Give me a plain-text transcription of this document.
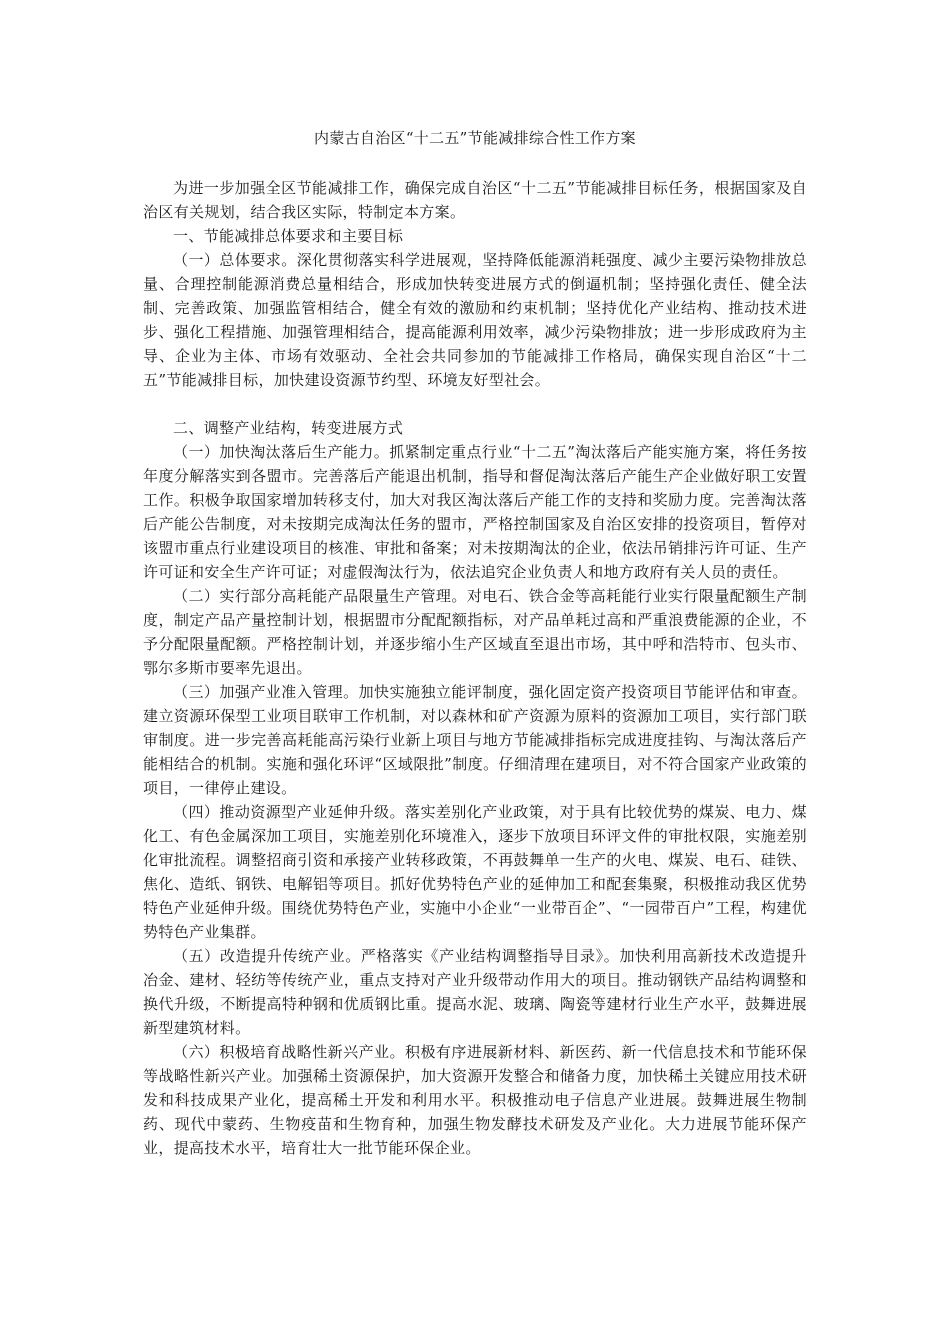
内蒙古自治区“十二五”节能减排综合性工作方案

为进一步加强全区节能减排工作，确保完成自治区“十二五”节能减排目标任务，根据国家及自治区有关规划，结合我区实际，特制定本方案。

一、节能减排总体要求和主要目标

（一）总体要求。深化贯彻落实科学进展观，坚持降低能源消耗强度、减少主要污染物排放总量、合理控制能源消费总量相结合，形成加快转变进展方式的倒逼机制；坚持强化责任、健全法制、完善政策、加强监管相结合，健全有效的激励和约束机制；坚持优化产业结构、推动技术进步、强化工程措施、加强管理相结合，提高能源利用效率，减少污染物排放；进一步形成政府为主导、企业为主体、市场有效驱动、全社会共同参加的节能减排工作格局，确保实现自治区“十二五”节能减排目标，加快建设资源节约型、环境友好型社会。

二、调整产业结构，转变进展方式

（一）加快淘汰落后生产能力。抓紧制定重点行业“十二五”淘汰落后产能实施方案，将任务按年度分解落实到各盟市。完善落后产能退出机制，指导和督促淘汰落后产能生产企业做好职工安置工作。积极争取国家增加转移支付，加大对我区淘汰落后产能工作的支持和奖励力度。完善淘汰落后产能公告制度，对未按期完成淘汰任务的盟市，严格控制国家及自治区安排的投资项目，暂停对该盟市重点行业建设项目的核准、审批和备案；对未按期淘汰的企业，依法吊销排污许可证、生产许可证和安全生产许可证；对虚假淘汰行为，依法追究企业负责人和地方政府有关人员的责任。

（二）实行部分高耗能产品限量生产管理。对电石、铁合金等高耗能行业实行限量配额生产制度，制定产品产量控制计划，根据盟市分配配额指标，对产品单耗过高和严重浪费能源的企业，不予分配限量配额。严格控制计划，并逐步缩小生产区域直至退出市场，其中呼和浩特市、包头市、鄂尔多斯市要率先退出。

（三）加强产业准入管理。加快实施独立能评制度，强化固定资产投资项目节能评估和审查。建立资源环保型工业项目联审工作机制，对以森林和矿产资源为原料的资源加工项目，实行部门联审制度。进一步完善高耗能高污染行业新上项目与地方节能减排指标完成进度挂钩、与淘汰落后产能相结合的机制。实施和强化环评“区域限批”制度。仔细清理在建项目，对不符合国家产业政策的项目，一律停止建设。

（四）推动资源型产业延伸升级。落实差别化产业政策，对于具有比较优势的煤炭、电力、煤化工、有色金属深加工项目，实施差别化环境准入，逐步下放项目环评文件的审批权限，实施差别化审批流程。调整招商引资和承接产业转移政策，不再鼓舞单一生产的火电、煤炭、电石、硅铁、焦化、造纸、钢铁、电解铝等项目。抓好优势特色产业的延伸加工和配套集聚，积极推动我区优势特色产业延伸升级。围绕优势特色产业，实施中小企业“一业带百企”、“一园带百户”工程，构建优势特色产业集群。

（五）改造提升传统产业。严格落实《产业结构调整指导目录》。加快利用高新技术改造提升冶金、建材、轻纺等传统产业，重点支持对产业升级带动作用大的项目。推动钢铁产品结构调整和换代升级，不断提高特种钢和优质钢比重。提高水泥、玻璃、陶瓷等建材行业生产水平，鼓舞进展新型建筑材料。

（六）积极培育战略性新兴产业。积极有序进展新材料、新医药、新一代信息技术和节能环保等战略性新兴产业。加强稀土资源保护，加大资源开发整合和储备力度，加快稀土关键应用技术研发和科技成果产业化，提高稀土开发和利用水平。积极推动电子信息产业进展。鼓舞进展生物制药、现代中蒙药、生物疫苗和生物育种，加强生物发酵技术研发及产业化。大力进展节能环保产业，提高技术水平，培育壮大一批节能环保企业。
